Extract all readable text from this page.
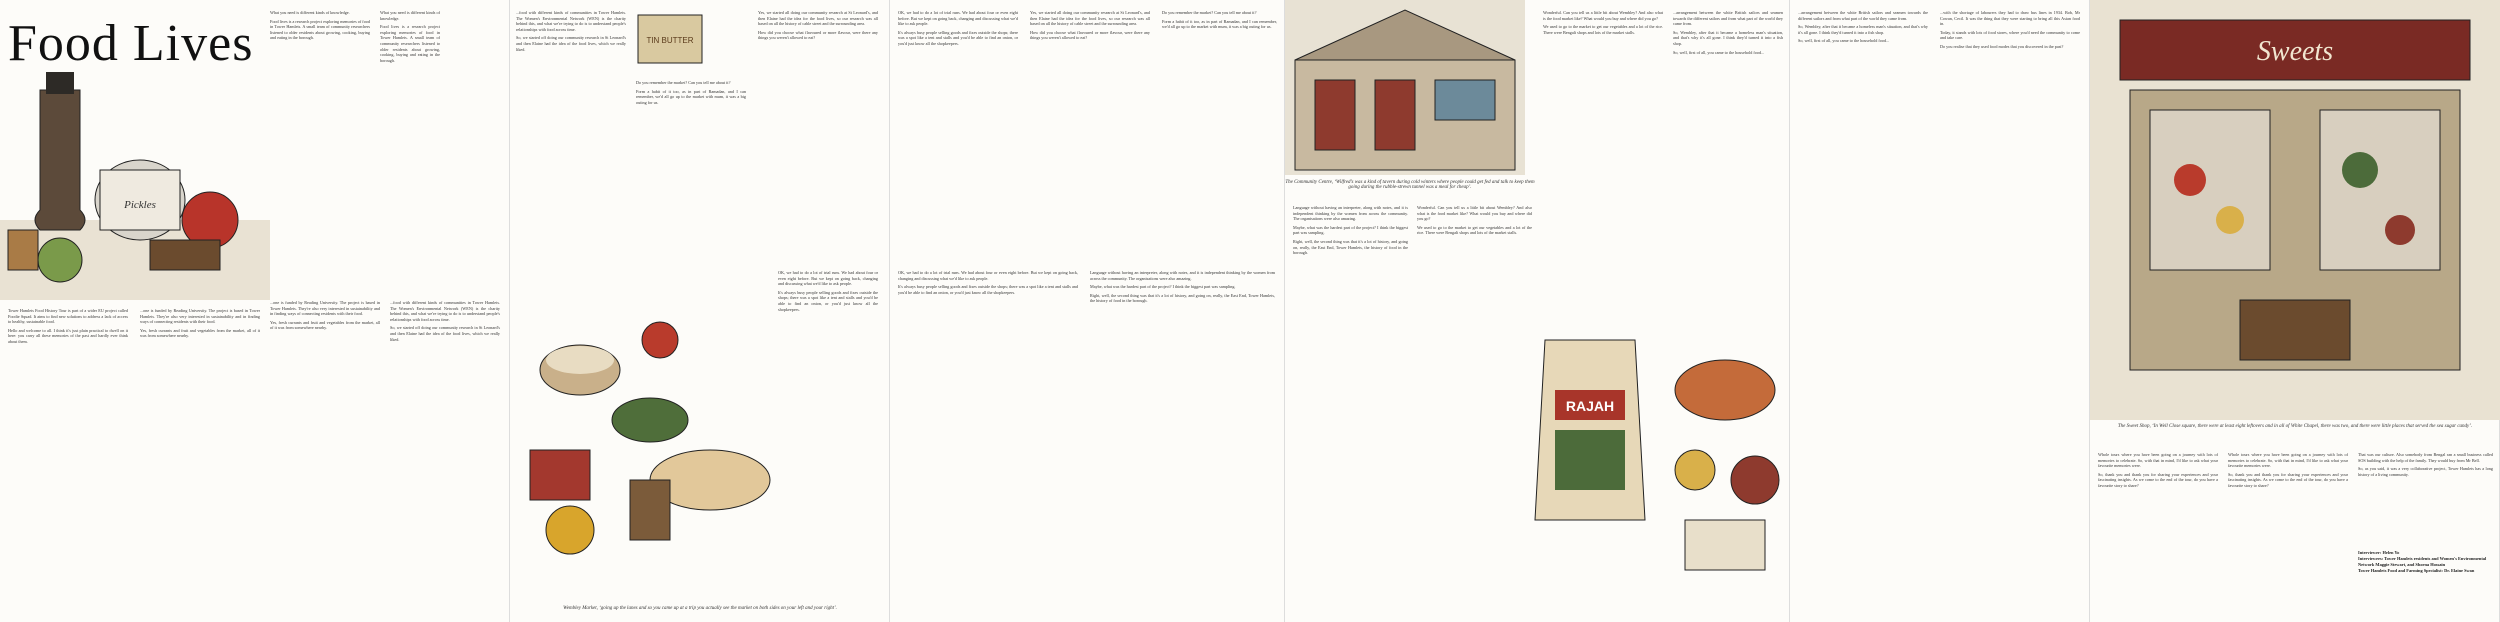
Food Lives

What you need is different kinds of knowledge.

Food lives is a research project exploring memories of food in Tower Hamlets. A small team of community researchers listened to older residents about growing, cooking, buying and eating in the borough.

What you need is different kinds of knowledge.

Food lives is a research project exploring memories of food in Tower Hamlets. A small team of community researchers listened to older residents about growing, cooking, buying and eating in the borough.

Pickles

Tower Hamlets Food History Tour is part of a wider EU project called Foodie Squad. It aims to find new solutions to address a lack of access to healthy, sustainable food.

Hello and welcome to all. I think it's just plain practical to dwell on it here: you carry all these memories of the past and hardly ever think about them.

...one is funded by Reading University. The project is based in Tower Hamlets. They're also very interested in sustainability and in finding ways of connecting residents with their food.

Yes, fresh currants and fruit and vegetables from the market, all of it was from somewhere nearby.

...one is funded by Reading University. The project is based in Tower Hamlets. They're also very interested in sustainability and in finding ways of connecting residents with their food.

Yes, fresh currants and fruit and vegetables from the market, all of it was from somewhere nearby.

...food with different kinds of communities in Tower Hamlets. The Women's Environmental Network (WEN) is the charity behind this, and what we're trying to do is to understand people's relationships with food across time.

So, we started off doing our community research in St Leonard's and then Elaine had the idea of the food lives, which we really liked.

...food with different kinds of communities in Tower Hamlets. The Women's Environmental Network (WEN) is the charity behind this, and what we're trying to do is to understand people's relationships with food across time.

So, we started off doing our community research in St Leonard's and then Elaine had the idea of the food lives, which we really liked.

TIN BUTTER

Do you remember the market? Can you tell me about it?

Form a habit of it too, as in part of Ramadan, and I can remember, we'd all go up to the market with mum, it was a big outing for us.

Yes, we started all doing our community research at St Leonard's, and then Elaine had the idea for the food lives, so our research was all based on all the history of cable street and the surrounding area.

How did you choose what flavoured or more flavour, were there any things you weren't allowed to eat?

OK, we had to do a lot of trial runs. We had about four or even eight before. But we kept on going back, changing and discussing what we'd like to ask people.

It's always busy people selling goods and fixes outside the shops; there was a spot like a tent and stalls and you'd be able to find an onion, or you'd just know all the shopkeepers.

Wembley Market, ‘going up the lanes and so you came up at a trip you actually see the market on both sides on your left and your right’.

OK, we had to do a lot of trial runs. We had about four or even eight before. But we kept on going back, changing and discussing what we'd like to ask people.

It's always busy people selling goods and fixes outside the shops; there was a spot like a tent and stalls and you'd be able to find an onion, or you'd just know all the shopkeepers.

Yes, we started all doing our community research at St Leonard's, and then Elaine had the idea for the food lives, so our research was all based on all the history of cable street and the surrounding area.

How did you choose what flavoured or more flavour, were there any things you weren't allowed to eat?

Do you remember the market? Can you tell me about it?

Form a habit of it too, as in part of Ramadan, and I can remember, we'd all go up to the market with mum, it was a big outing for us.

OK, we had to do a lot of trial runs. We had about four or even eight before. But we kept on going back, changing and discussing what we'd like to ask people.

It's always busy people selling goods and fixes outside the shops; there was a spot like a tent and stalls and you'd be able to find an onion, or you'd just know all the shopkeepers.

Language without having an interpreter, along with notes, and it is independent thinking by the women from across the community. The organisations were also amazing.

Maybe, what was the hardest part of the project? I think the biggest part was sampling.

Right, well, the second thing was that it's a lot of history, and going on, really, the East End, Tower Hamlets, the history of food in the borough.

The Community Centre, ‘Wilfred’s was a kind of tavern during cold winters where people could get fed and talk to keep them going during the rubble-strewn tunnel was a meal for cheap’.

Language without having an interpreter, along with notes, and it is independent thinking by the women from across the community. The organisations were also amazing.

Maybe, what was the hardest part of the project? I think the biggest part was sampling.

Right, well, the second thing was that it's a lot of history, and going on, really, the East End, Tower Hamlets, the history of food in the borough.

Wonderful. Can you tell us a little bit about Wembley? And also what is the food market like? What would you buy and where did you go?

We used to go to the market to get our vegetables and a lot of the rice. There were Bengali shops and lots of the market stalls.

Wonderful. Can you tell us a little bit about Wembley? And also what is the food market like? What would you buy and where did you go?

We used to go to the market to get our vegetables and a lot of the rice. There were Bengali shops and lots of the market stalls.

...arrangement between the white British sailors and seamen towards the different sailors and from what part of the world they came from.

So, Wembley, after that it became a homeless man's situation, and that's why it's all gone. I think they'd turned it into a fish shop.

So, well, first of all, you came to the household food...

RAJAH

...arrangement between the white British sailors and seamen towards the different sailors and from what part of the world they came from.

So, Wembley, after that it became a homeless man's situation, and that's why it's all gone. I think they'd turned it into a fish shop.

So, well, first of all, you came to the household food...

...with the shortage of labourers they had to draw bus lines in 1934. Bob, Mr Cowan, Cecil. It was the thing that they were starting to bring all this Asian food in.

Today, it stands with lots of food stores, where you'd need the community to come and take care.

Do you realise that they used food modes that you discovered in the past?	Sweets
The Sweet Shop, ‘In Well Close square, there were at least eight leftovers and in all of White Chapel, there was two, and there were little places that served the sea sugar candy’.

Whole tours where you have been going on a journey with lots of memories to celebrate. So, with that in mind, I'd like to ask what your favourite memories were.

So, thank you and thank you for sharing your experiences and your fascinating insights. As we come to the end of the tour, do you have a favourite story to share?

Whole tours where you have been going on a journey with lots of memories to celebrate. So, with that in mind, I'd like to ask what your favourite memories were.

So, thank you and thank you for sharing your experiences and your fascinating insights. As we come to the end of the tour, do you have a favourite story to share?

That was our culture. Also somebody from Bengal ran a small business called SOS building with the help of the family. They would buy from Mr Bell.

So, as you said, it was a very collaborative project, Tower Hamlets has a long history of a living community.

Interviewer: Helen Yo
Interviewees: Tower Hamlets residents and Women's Environmental Network Maggie Stewart, and Shorna Hossain
Tower Hamlets Food and Farming Specialist: Dr. Elaine Swan
